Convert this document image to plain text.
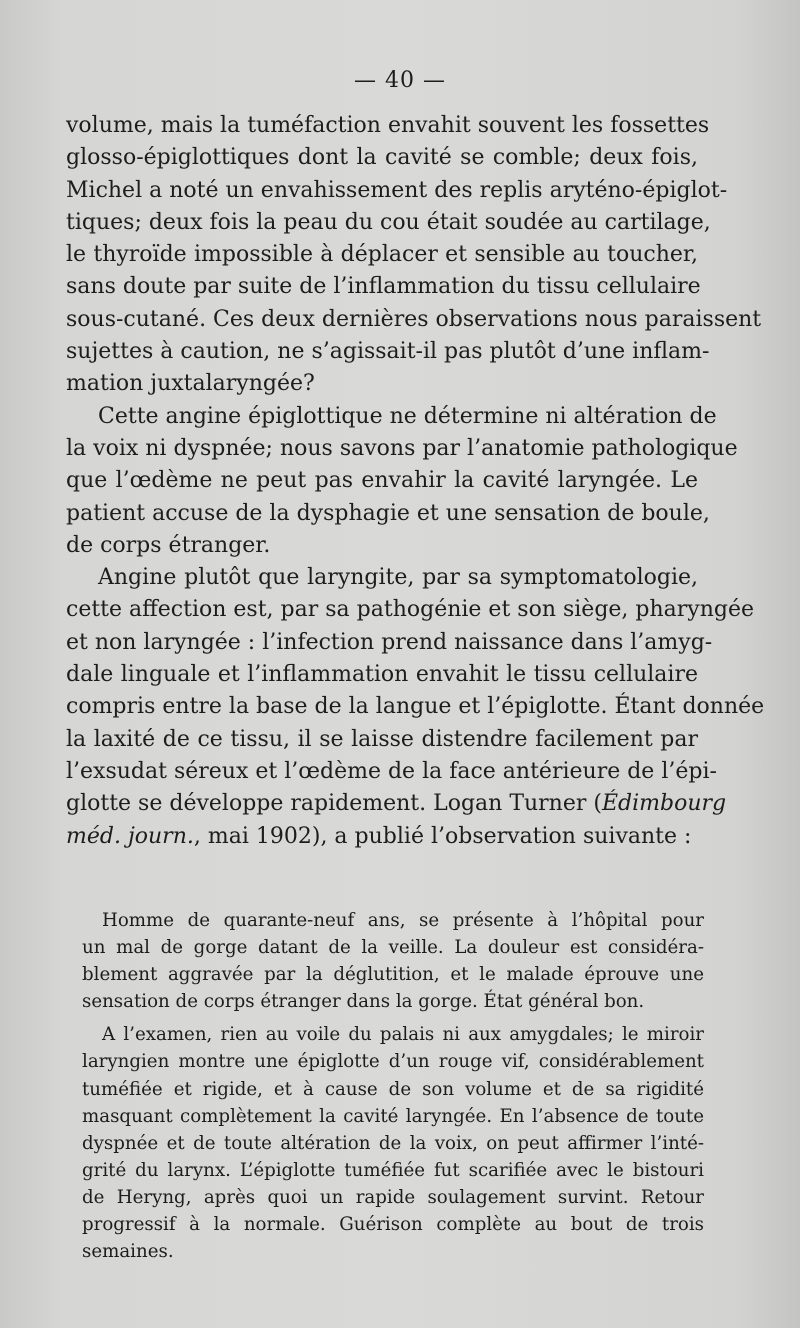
— 40 —
volume, mais la tuméfaction envahit souvent les fossettes
glosso-épiglottiques dont la cavité se comble; deux fois,
Michel a noté un envahissement des replis aryténo-épiglot-
tiques; deux fois la peau du cou était soudée au cartilage,
le thyroïde impossible à déplacer et sensible au toucher,
sans doute par suite de l’inflammation du tissu cellulaire
sous-cutané. Ces deux dernières observations nous paraissent
sujettes à caution, ne s’agissait-il pas plutôt d’une inflam-
mation juxtalaryngée?
Cette angine épiglottique ne détermine ni altération de
la voix ni dyspnée; nous savons par l’anatomie pathologique
que l’œdème ne peut pas envahir la cavité laryngée. Le
patient accuse de la dysphagie et une sensation de boule,
de corps étranger.
Angine plutôt que laryngite, par sa symptomatologie,
cette affection est, par sa pathogénie et son siège, pharyngée
et non laryngée : l’infection prend naissance dans l’amyg-
dale linguale et l’inflammation envahit le tissu cellulaire
compris entre la base de la langue et l’épiglotte. Étant donnée
la laxité de ce tissu, il se laisse distendre facilement par
l’exsudat séreux et l’œdème de la face antérieure de l’épi-
glotte se développe rapidement. Logan Turner (Édimbourg
méd. journ., mai 1902), a publié l’observation suivante :
Homme de quarante-neuf ans, se présente à l’hôpital pour
un mal de gorge datant de la veille. La douleur est considéra-
blement aggravée par la déglutition, et le malade éprouve une
sensation de corps étranger dans la gorge. État général bon.
A l’examen, rien au voile du palais ni aux amygdales; le miroir
laryngien montre une épiglotte d’un rouge vif, considérablement
tuméfiée et rigide, et à cause de son volume et de sa rigidité
masquant complètement la cavité laryngée. En l’absence de toute
dyspnée et de toute altération de la voix, on peut affirmer l’inté-
grité du larynx. L’épiglotte tuméfiée fut scarifiée avec le bistouri
de Heryng, après quoi un rapide soulagement survint. Retour
progressif à la normale. Guérison complète au bout de trois
semaines.
